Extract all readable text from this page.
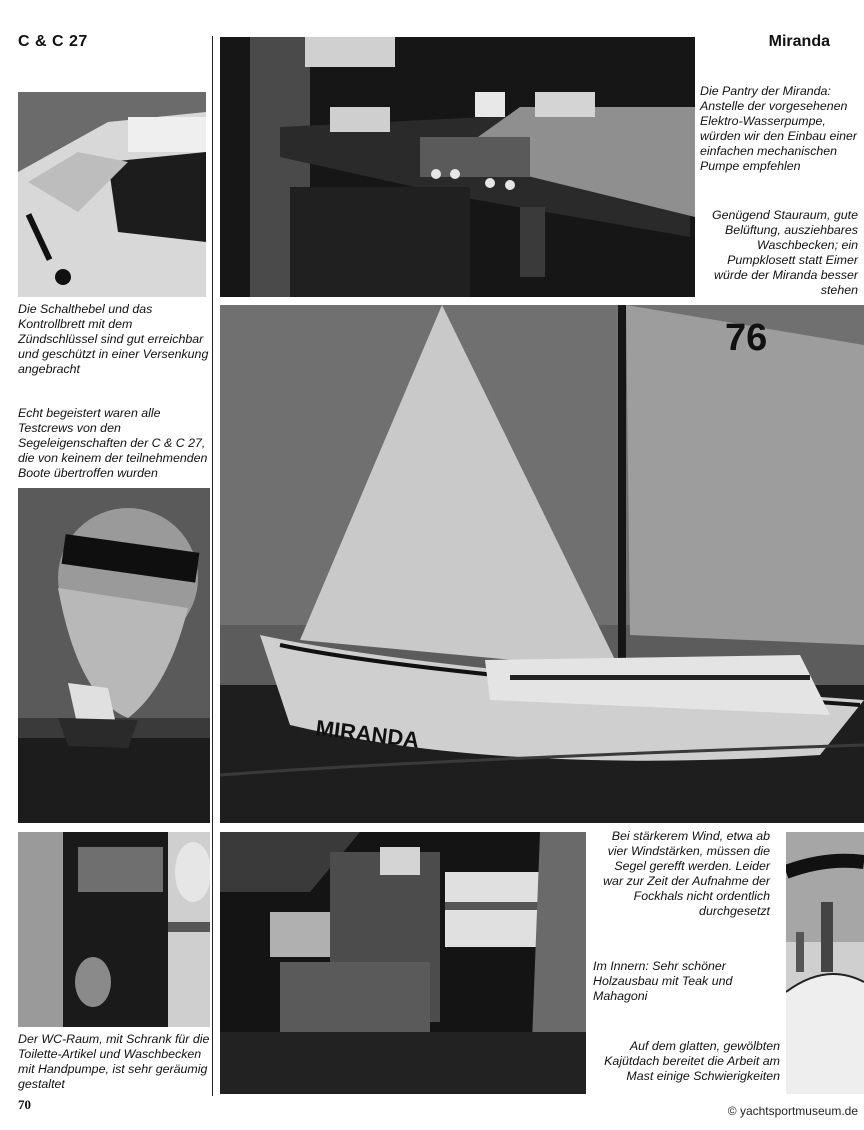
C & C 27	Miranda
Die Schalthebel und das Kontrollbrett mit dem Zündschlüssel sind gut erreichbar und geschützt in einer Versenkung angebracht
Echt begeistert waren alle Testcrews von den Segeleigenschaften der C & C 27, die von keinem der teilnehmenden Boote übertroffen wurden
Die Pantry der Miranda: Anstelle der vorgesehenen Elektro-Wasserpumpe, würden wir den Einbau einer einfachen mechanischen Pumpe empfehlen
Genügend Stauraum, gute Belüftung, ausziehbares Waschbecken; ein Pumpklosett statt Eimer würde der Miranda besser stehen
MIRANDA
76
Der WC-Raum, mit Schrank für die Toilette-Artikel und Waschbecken mit Handpumpe, ist sehr geräumig gestaltet
Bei stärkerem Wind, etwa ab vier Windstärken, müssen die Segel gerefft werden. Leider war zur Zeit der Aufnahme der Fockhals nicht ordentlich durchgesetzt
Im Innern: Sehr schöner Holzausbau mit Teak und Mahagoni
Auf dem glatten, gewölbten Kajütdach bereitet die Arbeit am Mast einige Schwierigkeiten
70	© yachtsportmuseum.de
